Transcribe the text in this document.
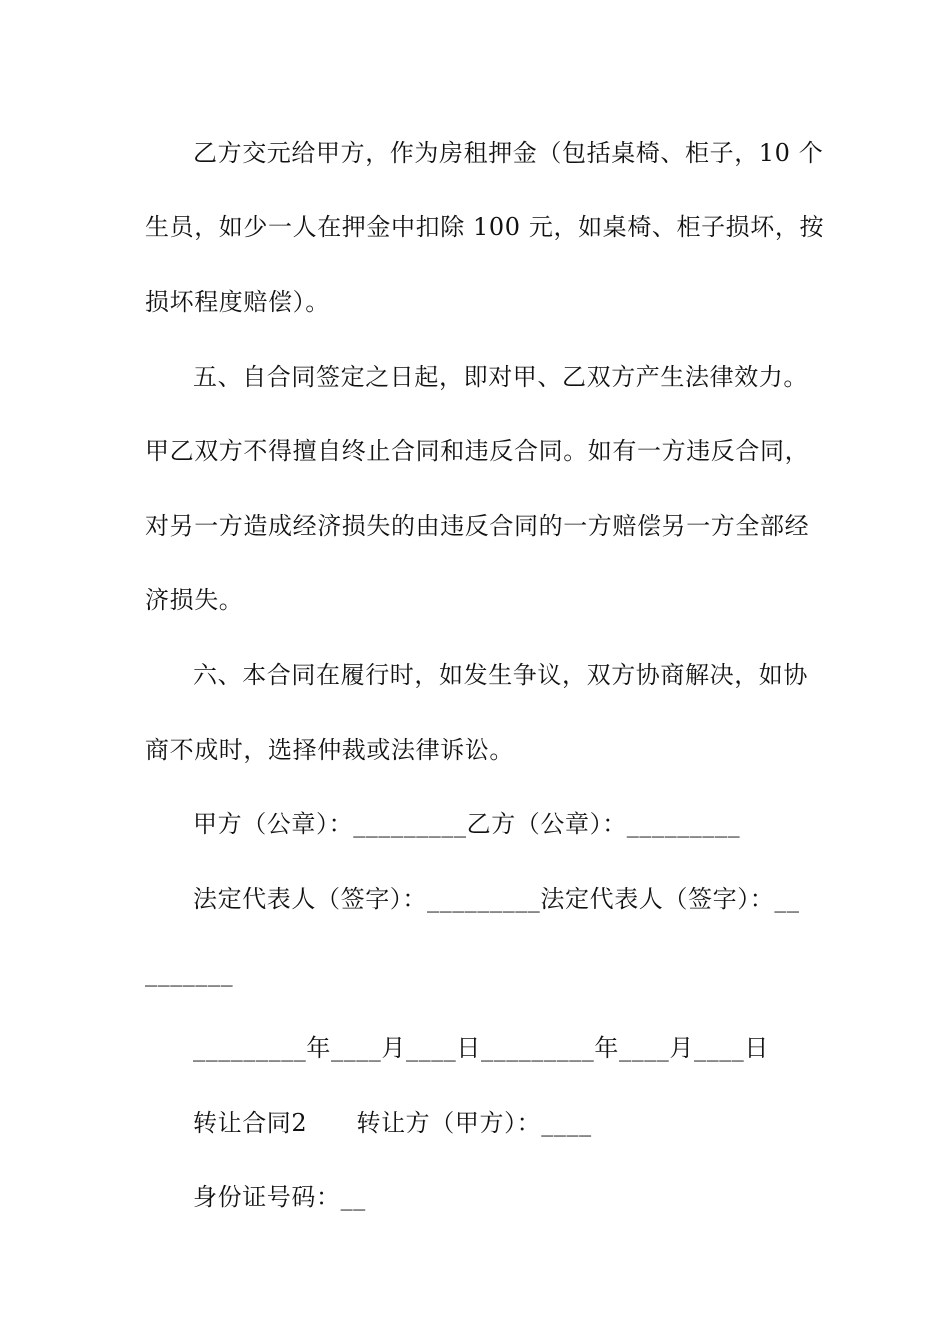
乙方交元给甲方，作为房租押金（包括桌椅、柜子，10 个
生员，如少一人在押金中扣除 100 元，如桌椅、柜子损坏，按
损坏程度赔偿）。
五、自合同签定之日起，即对甲、乙双方产生法律效力。
甲乙双方不得擅自终止合同和违反合同。如有一方违反合同，
对另一方造成经济损失的由违反合同的一方赔偿另一方全部经
济损失。
六、本合同在履行时，如发生争议，双方协商解决，如协
商不成时，选择仲裁或法律诉讼。
甲方（公章）：_________乙方（公章）：_________
法定代表人（签字）：_________法定代表人（签字）：__
_______
_________年____月____日_________年____月____日
转让合同2　　转让方（甲方）：____
身份证号码：__
